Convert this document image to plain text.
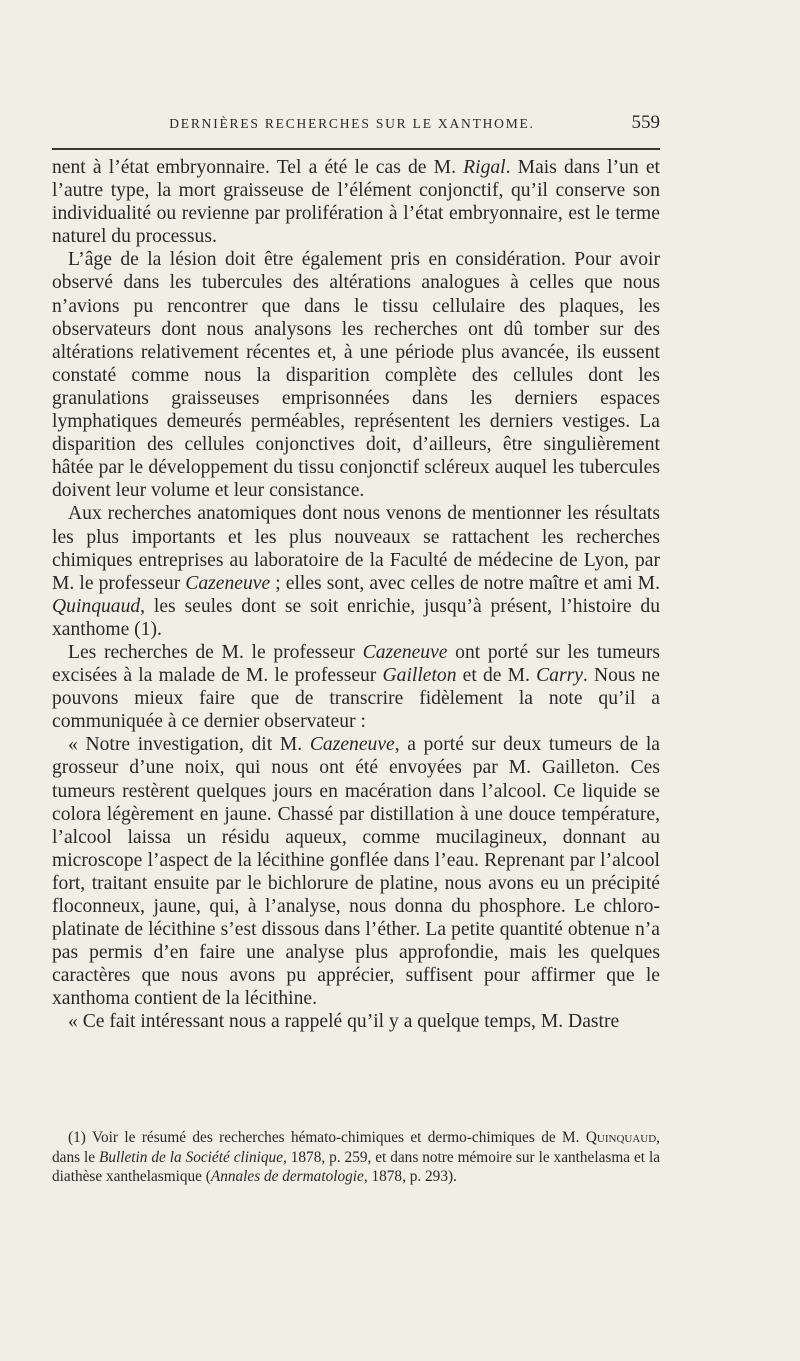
DERNIÈRES RECHERCHES SUR LE XANTHOME.	559

nent à l’état embryonnaire. Tel a été le cas de M. Rigal. Mais dans l’un et l’autre type, la mort graisseuse de l’élément conjonctif, qu’il conserve son individualité ou revienne par prolifération à l’état embryonnaire, est le terme naturel du processus.

L’âge de la lésion doit être également pris en considération. Pour avoir observé dans les tubercules des altérations analogues à celles que nous n’avions pu rencontrer que dans le tissu cellulaire des plaques, les observateurs dont nous analysons les recherches ont dû tomber sur des altérations relativement récentes et, à une période plus avancée, ils eussent constaté comme nous la disparition complète des cellules dont les granulations graisseuses emprisonnées dans les derniers espaces lymphatiques demeurés perméables, représentent les derniers vestiges. La disparition des cellules conjonctives doit, d’ailleurs, être singulièrement hâtée par le développement du tissu conjonctif scléreux auquel les tubercules doivent leur volume et leur consistance.

Aux recherches anatomiques dont nous venons de mentionner les résultats les plus importants et les plus nouveaux se rattachent les recherches chimiques entreprises au laboratoire de la Faculté de médecine de Lyon, par M. le professeur Cazeneuve ; elles sont, avec celles de notre maître et ami M. Quinquaud, les seules dont se soit enrichie, jusqu’à présent, l’histoire du xanthome (1).

Les recherches de M. le professeur Cazeneuve ont porté sur les tumeurs excisées à la malade de M. le professeur Gailleton et de M. Carry. Nous ne pouvons mieux faire que de transcrire fidèlement la note qu’il a communiquée à ce dernier observateur :

« Notre investigation, dit M. Cazeneuve, a porté sur deux tumeurs de la grosseur d’une noix, qui nous ont été envoyées par M. Gailleton. Ces tumeurs restèrent quelques jours en macération dans l’alcool. Ce liquide se colora légèrement en jaune. Chassé par distillation à une douce température, l’alcool laissa un résidu aqueux, comme mucilagineux, donnant au microscope l’aspect de la lécithine gonflée dans l’eau. Reprenant par l’alcool fort, traitant ensuite par le bichlorure de platine, nous avons eu un précipité floconneux, jaune, qui, à l’analyse, nous donna du phosphore. Le chloro-platinate de lécithine s’est dissous dans l’éther. La petite quantité obtenue n’a pas permis d’en faire une analyse plus approfondie, mais les quelques caractères que nous avons pu apprécier, suffisent pour affirmer que le xanthoma contient de la lécithine.

« Ce fait intéressant nous a rappelé qu’il y a quelque temps, M. Dastre

(1) Voir le résumé des recherches hémato-chimiques et dermo-chimiques de M. Quinquaud, dans le Bulletin de la Société clinique, 1878, p. 259, et dans notre mémoire sur le xanthelasma et la diathèse xanthelasmique (Annales de dermatologie, 1878, p. 293).
